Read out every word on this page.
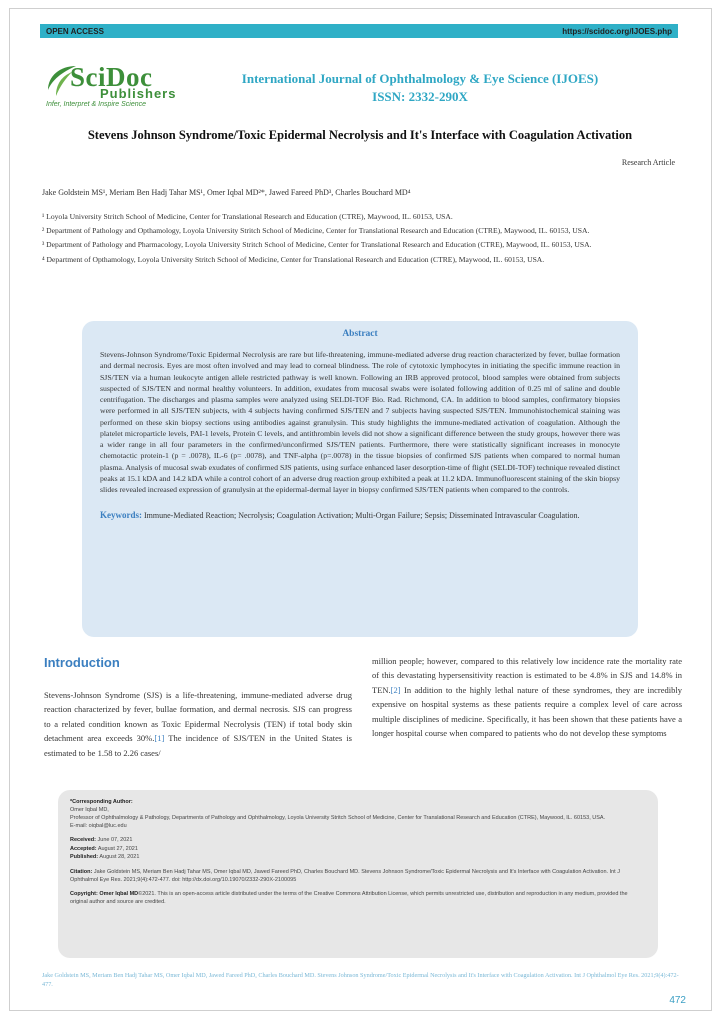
OPEN ACCESS	https://scidoc.org/IJOES.php
SciDoc
Publishers
Infer, Interpret & Inspire Science
International Journal of Ophthalmology & Eye Science (IJOES)
ISSN: 2332-290X
Stevens Johnson Syndrome/Toxic Epidermal Necrolysis and It's Interface with Coagulation Activation
Research Article
Jake Goldstein MS¹, Meriam Ben Hadj Tahar MS¹, Omer Iqbal MD²*, Jawed Fareed PhD³, Charles Bouchard MD⁴

¹ Loyola University Stritch School of Medicine, Center for Translational Research and Education (CTRE), Maywood, IL. 60153, USA.

² Department of Pathology and Opthamology, Loyola University Stritch School of Medicine, Center for Translational Research and Education (CTRE), Maywood, IL. 60153, USA.

³ Department of Pathology and Pharmacology, Loyola University Stritch School of Medicine, Center for Translational Research and Education (CTRE), Maywood, IL. 60153, USA.

⁴ Department of Opthamology, Loyola University Stritch School of Medicine, Center for Translational Research and Education (CTRE), Maywood, IL. 60153, USA.

Abstract
Stevens-Johnson Syndrome/Toxic Epidermal Necrolysis are rare but life-threatening, immune-mediated adverse drug reaction characterized by fever, bullae formation and dermal necrosis. Eyes are most often involved and may lead to corneal blindness. The role of cytotoxic lymphocytes in initiating the specific immune reaction in SJS/TEN via a human leukocyte antigen allele restricted pathway is well known. Following an IRB approved protocol, blood samples were obtained from subjects suspected of SJS/TEN and normal healthy volunteers. In addition, exudates from mucosal swabs were isolated following addition of 0.25 ml of saline and double centrifugation. The discharges and plasma samples were analyzed using SELDI-TOF Bio. Rad. Richmond, CA. In addition to blood samples, confirmatory biopsies were performed in all SJS/TEN subjects, with 4 subjects having confirmed SJS/TEN and 7 subjects having suspected SJS/TEN. Immunohistochemical staining was performed on these skin biopsy sections using antibodies against granulysin. This study highlights the immune-mediated activation of coagulation. Although the platelet microparticle levels, PAI-1 levels, Protein C levels, and antithrombin levels did not show a significant difference between the study groups, however there was a wider range in all four parameters in the confirmed/unconfirmed SJS/TEN patients. Furthermore, there were statistically significant increases in monocyte chemotactic protein-1 (p = .0078), IL-6 (p= .0078), and TNF-alpha (p=.0078) in the tissue biopsies of confirmed SJS patients when compared to normal human plasma. Analysis of mucosal swab exudates of confirmed SJS patients, using surface enhanced laser desorption-time of flight (SELDI-TOF) technique revealed distinct peaks at 15.1 kDA and 14.2 kDA while a control cohort of an adverse drug reaction group exhibited a peak at 11.2 kDA. Immunofluorescent staining of the skin biopsy slides revealed increased expression of granulysin at the epidermal-dermal layer in biopsy confirmed SJS/TEN patients when compared to the controls.
Keywords: Immune-Mediated Reaction; Necrolysis; Coagulation Activation; Multi-Organ Failure; Sepsis; Disseminated Intravascular Coagulation.
Introduction
Stevens-Johnson Syndrome (SJS) is a life-threatening, immune-mediated adverse drug reaction characterized by fever, bullae formation, and dermal necrosis. SJS can progress to a related condition known as Toxic Epidermal Necrolysis (TEN) if total body skin detachment area exceeds 30%.[1] The incidence of SJS/TEN in the United States is estimated to be 1.58 to 2.26 cases/
million people; however, compared to this relatively low incidence rate the mortality rate of this devastating hypersensitivity reaction is estimated to be 4.8% in SJS and 14.8% in TEN.[2] In addition to the highly lethal nature of these syndromes, they are incredibly expensive on hospital systems as these patients require a complex level of care across multiple disciplines of medicine. Specifically, it has been shown that these patients have a longer hospital course when compared to patients who do not develop these symptoms
*Corresponding Author:
Omer Iqbal MD,
Professor of Ophthalmology & Pathology, Departments of Pathology and Ophthalmology, Loyola University Stritch School of Medicine, Center for Translational Research and Education (CTRE), Maywood, IL. 60153, USA.
E-mail: oiqbal@luc.edu
Received: June 07, 2021
Accepted: August 27, 2021
Published: August 28, 2021
Citation: Jake Goldstein MS, Meriam Ben Hadj Tahar MS, Omer Iqbal MD, Jawed Fareed PhD, Charles Bouchard MD. Stevens Johnson Syndrome/Toxic Epidermal Necrolysis and It's Interface with Coagulation Activation. Int J Ophthalmol Eye Res. 2021;9(4):472-477. doi: http://dx.doi.org/10.19070/2332-290X-2100095
Copyright: Omer Iqbal MD©2021. This is an open-access article distributed under the terms of the Creative Commons Attribution License, which permits unrestricted use, distribution and reproduction in any medium, provided the original author and source are credited.
Jake Goldstein MS, Meriam Ben Hadj Tahar MS, Omer Iqbal MD, Jawed Fareed PhD, Charles Bouchard MD. Stevens Johnson Syndrome/Toxic Epidermal Necrolysis and It's Interface with Coagulation Activation. Int J Ophthalmol Eye Res. 2021;9(4):472-477.
472
